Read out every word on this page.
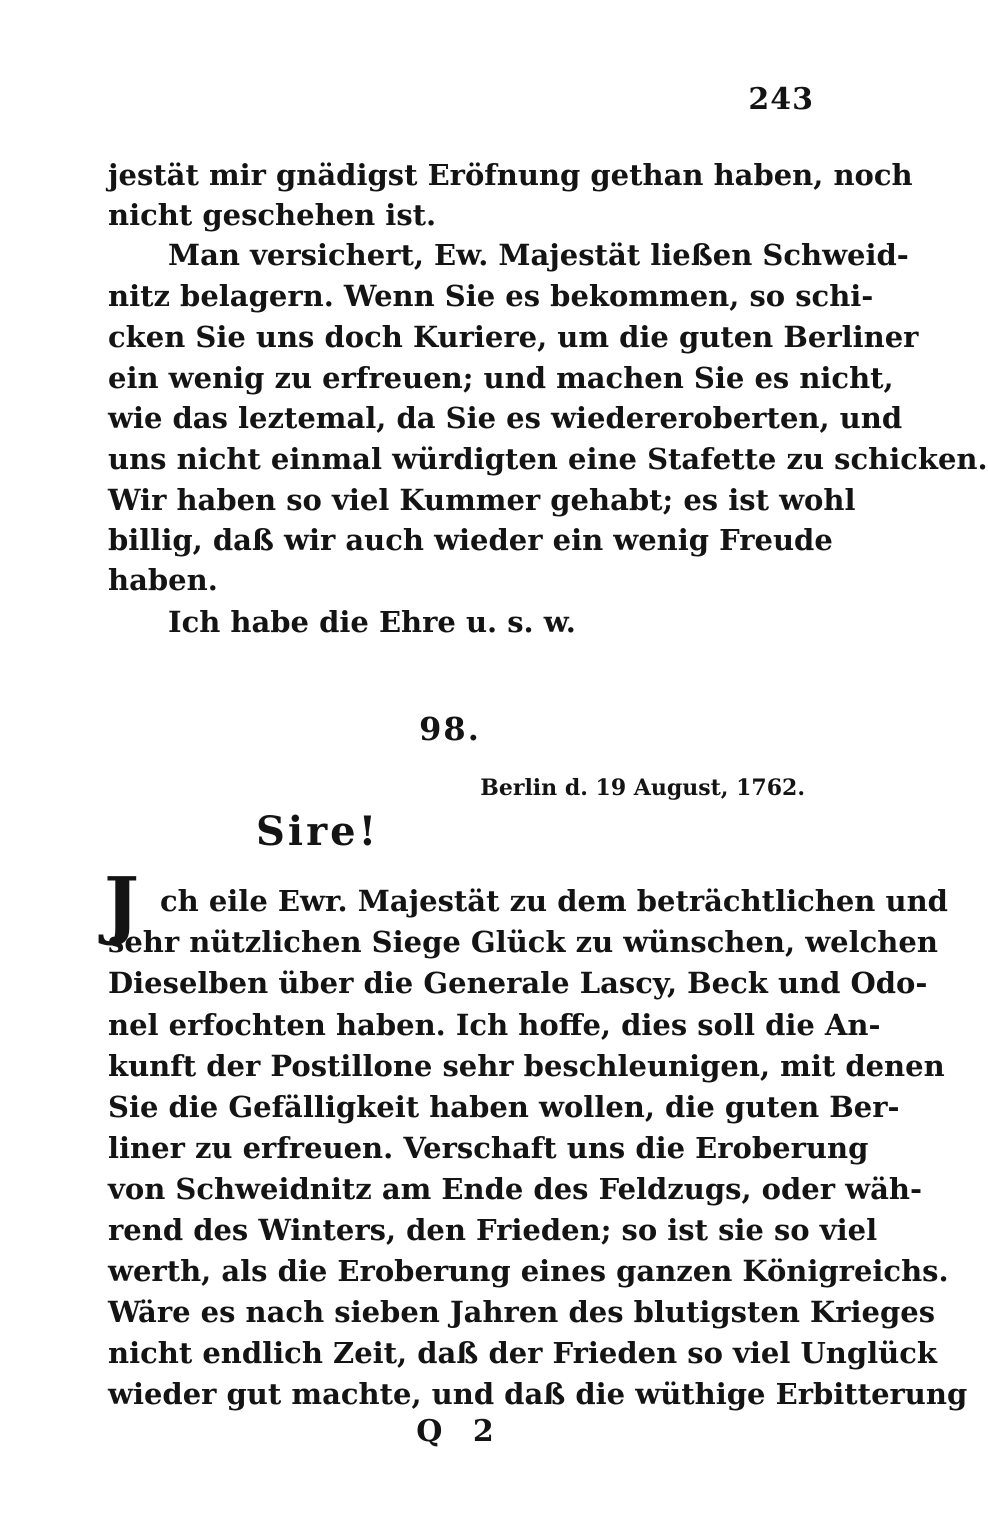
243
jestät mir gnädigst Eröfnung gethan haben, noch
nicht geschehen ist.
Man versichert, Ew. Majestät ließen Schweid-
nitz belagern. Wenn Sie es bekommen, so schi-
cken Sie uns doch Kuriere, um die guten Berliner
ein wenig zu erfreuen; und machen Sie es nicht,
wie das leztemal, da Sie es wiedereroberten, und
uns nicht einmal würdigten eine Stafette zu schicken.
Wir haben so viel Kummer gehabt; es ist wohl
billig, daß wir auch wieder ein wenig Freude
haben.
Ich habe die Ehre u. s. w.
98.
Berlin d. 19 August, 1762.
Sire!
J ch eile Ewr. Majestät zu dem beträchtlichen und
sehr nützlichen Siege Glück zu wünschen, welchen
Dieselben über die Generale Lascy, Beck und Odo-
nel erfochten haben. Ich hoffe, dies soll die An-
kunft der Postillone sehr beschleunigen, mit denen
Sie die Gefälligkeit haben wollen, die guten Ber-
liner zu erfreuen. Verschaft uns die Eroberung
von Schweidnitz am Ende des Feldzugs, oder wäh-
rend des Winters, den Frieden; so ist sie so viel
werth, als die Eroberung eines ganzen Königreichs.
Wäre es nach sieben Jahren des blutigsten Krieges
nicht endlich Zeit, daß der Frieden so viel Unglück
wieder gut machte, und daß die wüthige Erbitterung
Q 2
